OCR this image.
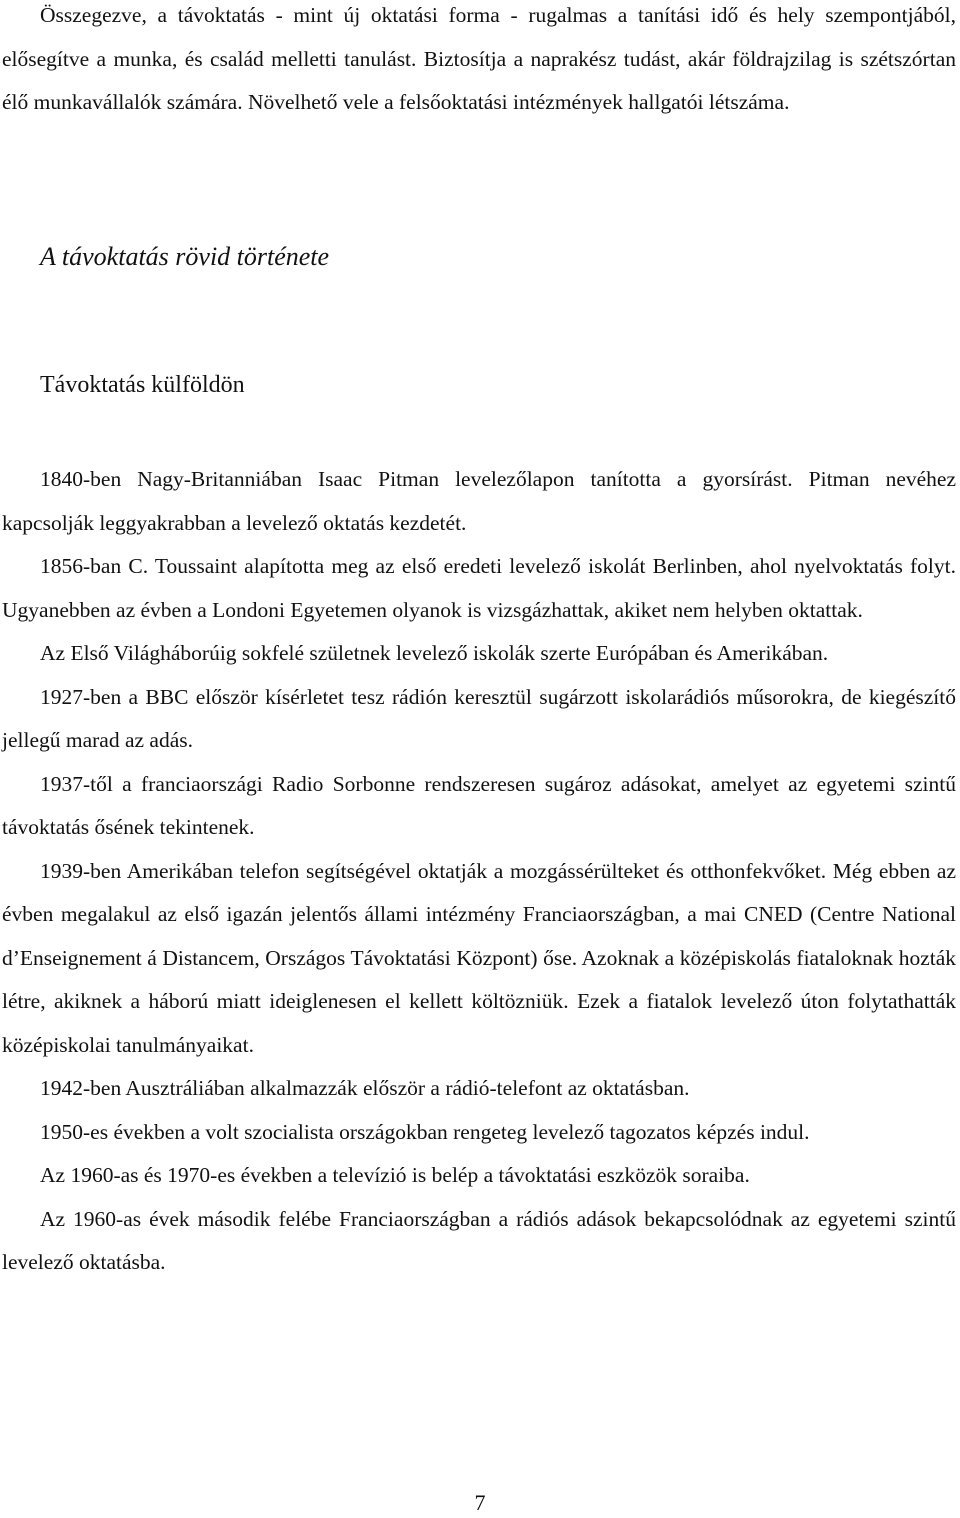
Összegezve, a távoktatás - mint új oktatási forma - rugalmas a tanítási idő és hely szempontjából, elősegítve a munka, és család melletti tanulást. Biztosítja a naprakész tudást, akár földrajzilag is szétszórtan élő munkavállalók számára. Növelhető vele a felsőoktatási intézmények hallgatói létszáma.

A távoktatás rövid története
Távoktatás külföldön

1840-ben Nagy-Britanniában Isaac Pitman levelezőlapon tanította a gyorsírást. Pitman nevéhez kapcsolják leggyakrabban a levelező oktatás kezdetét.

1856-ban C. Toussaint alapította meg az első eredeti levelező iskolát Berlinben, ahol nyelvoktatás folyt. Ugyanebben az évben a Londoni Egyetemen olyanok is vizsgázhattak, akiket nem helyben oktattak.

Az Első Világháborúig sokfelé születnek levelező iskolák szerte Európában és Amerikában.

1927-ben a BBC először kísérletet tesz rádión keresztül sugárzott iskolarádiós műsorokra, de kiegészítő jellegű marad az adás.

1937-től a franciaországi Radio Sorbonne rendszeresen sugároz adásokat, amelyet az egyetemi szintű távoktatás ősének tekintenek.

1939-ben Amerikában telefon segítségével oktatják a mozgássérülteket és otthonfekvőket. Még ebben az évben megalakul az első igazán jelentős állami intézmény Franciaországban, a mai CNED (Centre National d’Enseignement á Distancem, Országos Távoktatási Központ) őse. Azoknak a középiskolás fiataloknak hozták létre, akiknek a háború miatt ideiglenesen el kellett költözniük. Ezek a fiatalok levelező úton folytathatták középiskolai tanulmányaikat.

1942-ben Ausztráliában alkalmazzák először a rádió-telefont az oktatásban.

1950-es években a volt szocialista országokban rengeteg levelező tagozatos képzés indul.

Az 1960-as és 1970-es években a televízió is belép a távoktatási eszközök soraiba.

Az 1960-as évek második felébe Franciaországban a rádiós adások bekapcsolódnak az egyetemi szintű levelező oktatásba.

7
